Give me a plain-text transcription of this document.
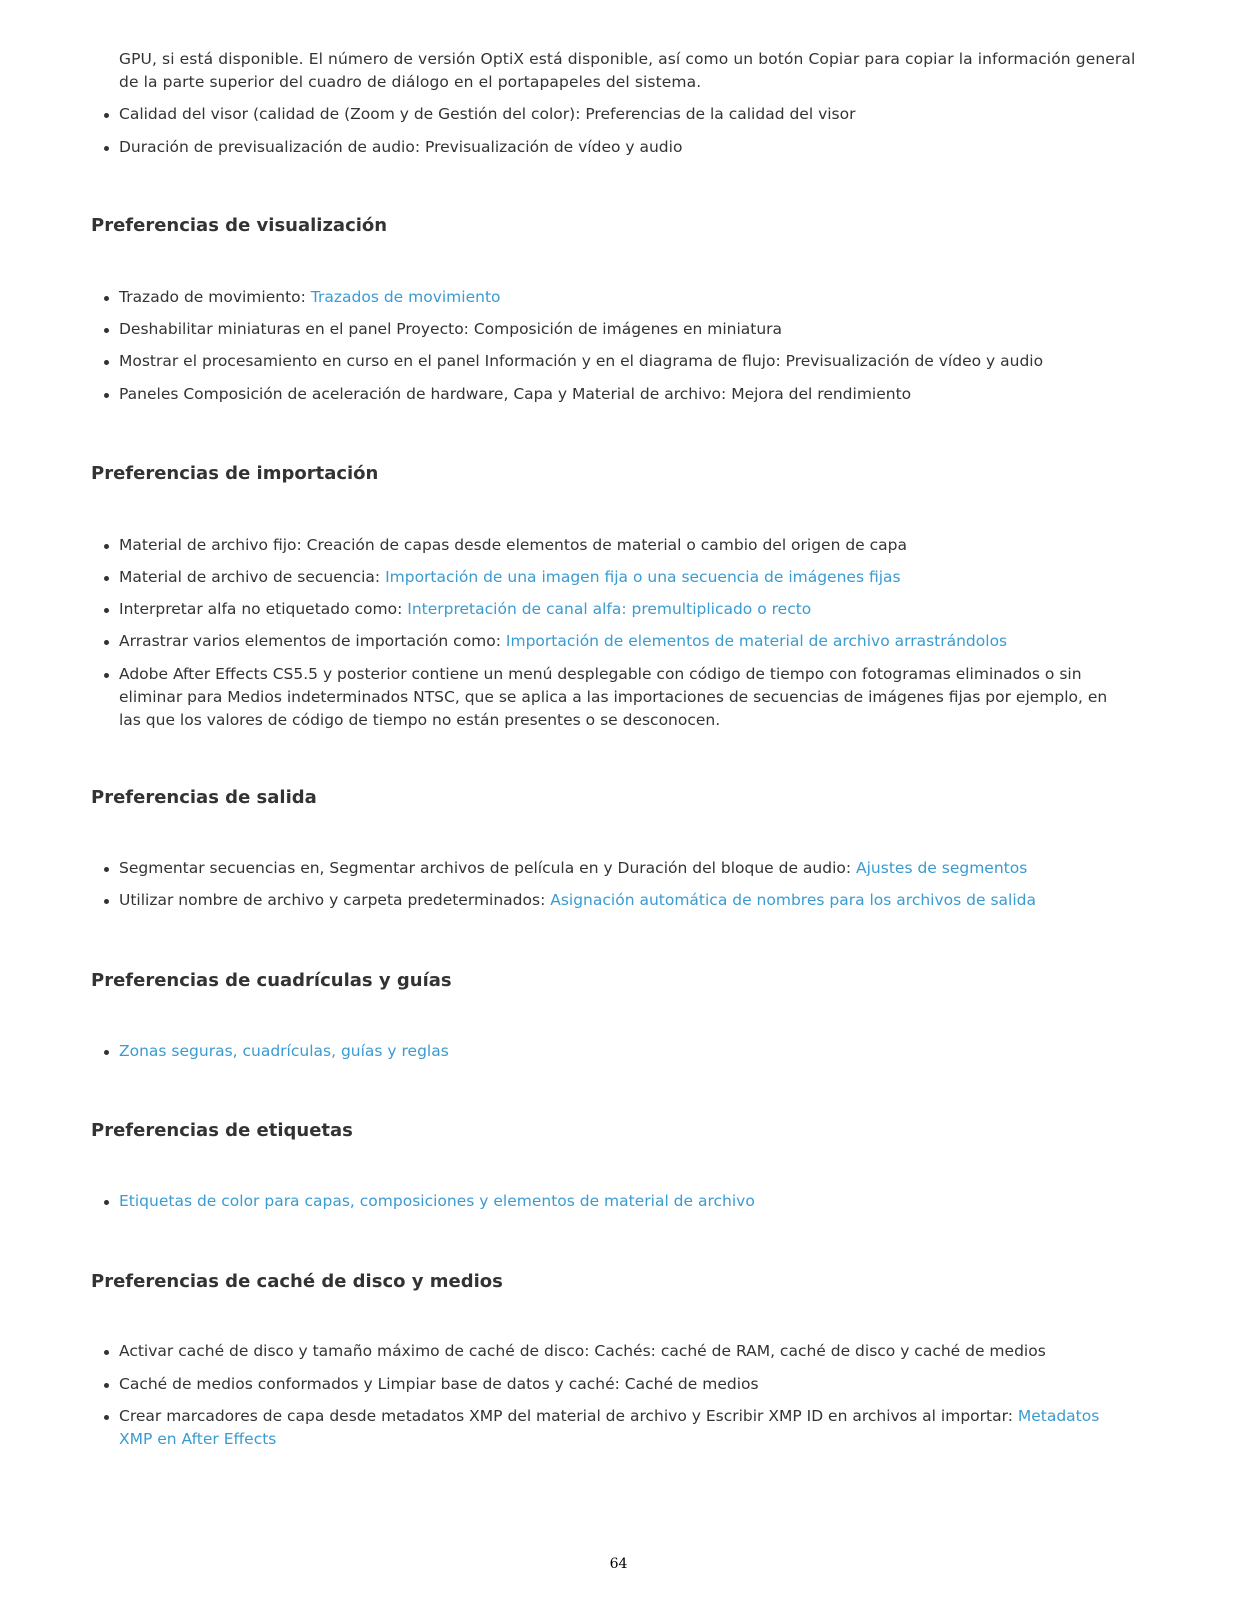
GPU, si está disponible. El número de versión OptiX está disponible, así como un botón Copiar para copiar la información general de la parte superior del cuadro de diálogo en el portapapeles del sistema.
Calidad del visor (calidad de (Zoom y de Gestión del color): Preferencias de la calidad del visor
Duración de previsualización de audio: Previsualización de vídeo y audio
Preferencias de visualización
Trazado de movimiento: Trazados de movimiento
Deshabilitar miniaturas en el panel Proyecto: Composición de imágenes en miniatura
Mostrar el procesamiento en curso en el panel Información y en el diagrama de flujo: Previsualización de vídeo y audio
Paneles Composición de aceleración de hardware, Capa y Material de archivo: Mejora del rendimiento
Preferencias de importación
Material de archivo fijo: Creación de capas desde elementos de material o cambio del origen de capa
Material de archivo de secuencia: Importación de una imagen fija o una secuencia de imágenes fijas
Interpretar alfa no etiquetado como: Interpretación de canal alfa: premultiplicado o recto
Arrastrar varios elementos de importación como: Importación de elementos de material de archivo arrastrándolos
Adobe After Effects CS5.5 y posterior contiene un menú desplegable con código de tiempo con fotogramas eliminados o sin eliminar para Medios indeterminados NTSC, que se aplica a las importaciones de secuencias de imágenes fijas por ejemplo, en las que los valores de código de tiempo no están presentes o se desconocen.
Preferencias de salida
Segmentar secuencias en, Segmentar archivos de película en y Duración del bloque de audio: Ajustes de segmentos
Utilizar nombre de archivo y carpeta predeterminados: Asignación automática de nombres para los archivos de salida
Preferencias de cuadrículas y guías
Zonas seguras, cuadrículas, guías y reglas
Preferencias de etiquetas
Etiquetas de color para capas, composiciones y elementos de material de archivo
Preferencias de caché de disco y medios
Activar caché de disco y tamaño máximo de caché de disco: Cachés: caché de RAM, caché de disco y caché de medios
Caché de medios conformados y Limpiar base de datos y caché: Caché de medios
Crear marcadores de capa desde metadatos XMP del material de archivo y Escribir XMP ID en archivos al importar: Metadatos XMP en After Effects
64
